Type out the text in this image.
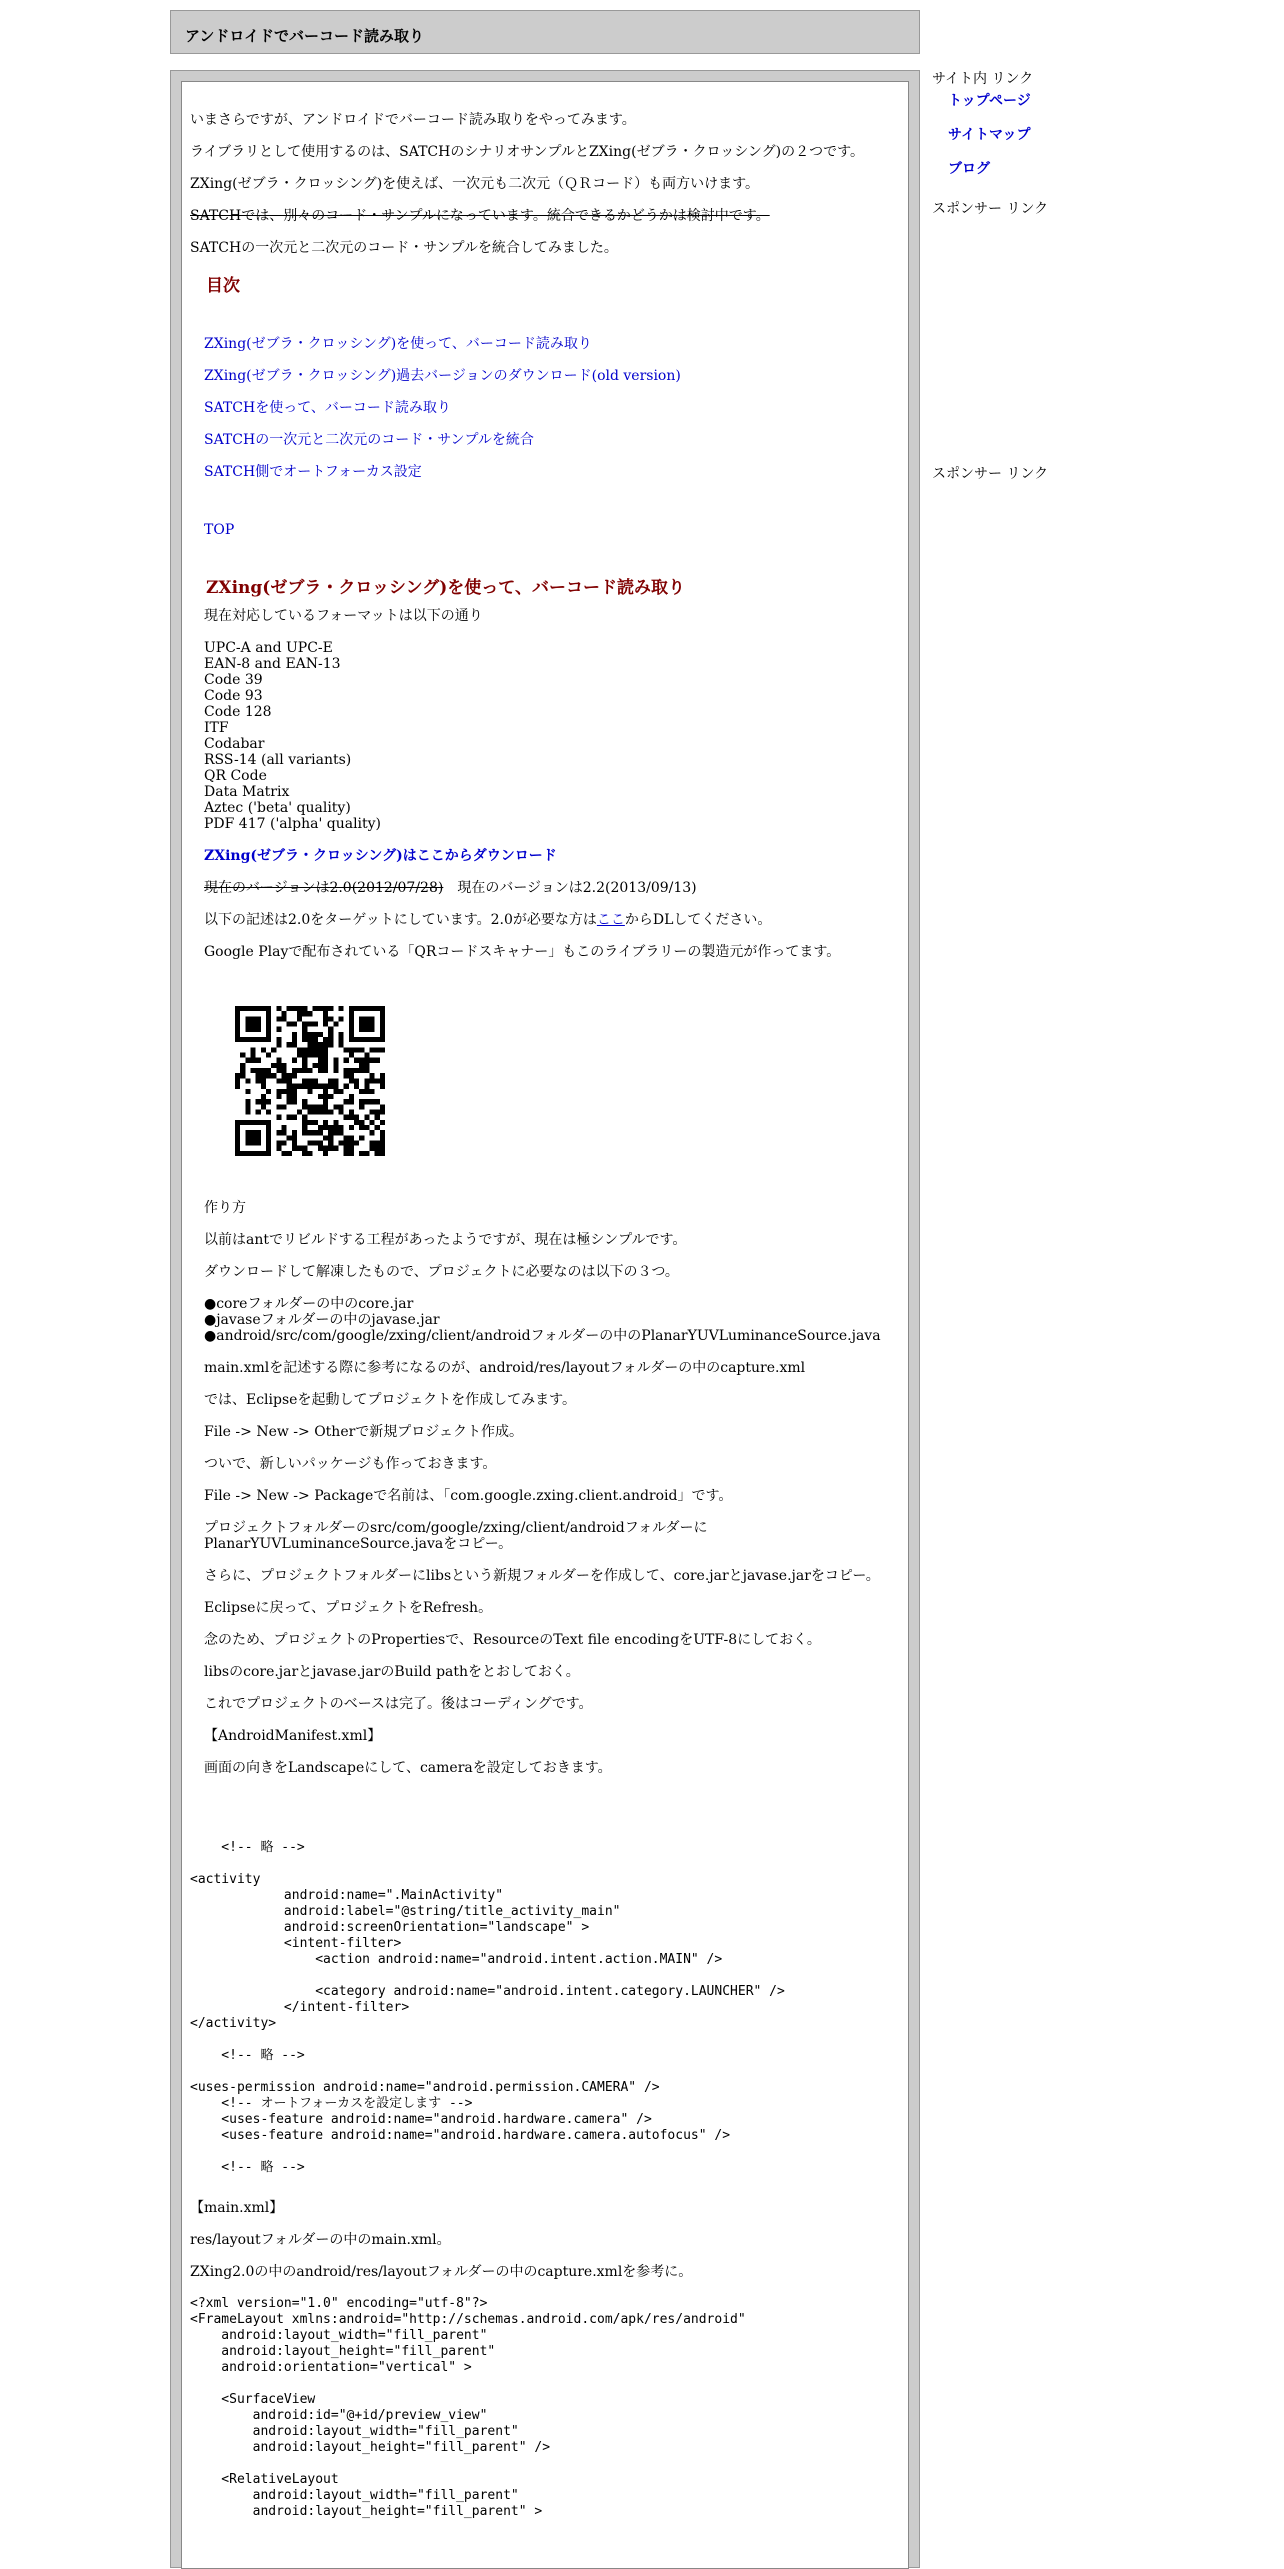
アンドロイドでバーコード読み取り

いまさらですが、アンドロイドでバーコード読み取りをやってみます。

ライブラリとして使用するのは、SATCHのシナリオサンプルとZXing(ゼブラ・クロッシング)の２つです。

ZXing(ゼブラ・クロッシング)を使えば、一次元も二次元（ＱＲコード）も両方いけます。

SATCHでは、別々のコード・サンプルになっています。統合できるかどうかは検討中です。

SATCHの一次元と二次元のコード・サンプルを統合してみました。

目次
ZXing(ゼブラ・クロッシング)を使って、バーコード読み取り
ZXing(ゼブラ・クロッシング)過去バージョンのダウンロード(old version)
SATCHを使って、バーコード読み取り
SATCHの一次元と二次元のコード・サンプルを統合
SATCH側でオートフォーカス設定
TOP
ZXing(ゼブラ・クロッシング)を使って、バーコード読み取り

現在対応しているフォーマットは以下の通り

UPC-A and UPC-E
EAN-8 and EAN-13
Code 39
Code 93
Code 128
ITF
Codabar
RSS-14 (all variants)
QR Code
Data Matrix
Aztec ('beta' quality)
PDF 417 ('alpha' quality)
ZXing(ゼブラ・クロッシング)はここからダウンロード

現在のバージョンは2.0(2012/07/28)　現在のバージョンは2.2(2013/09/13)

以下の記述は2.0をターゲットにしています。2.0が必要な方はここからDLしてください。

Google Playで配布されている「QRコードスキャナー」もこのライブラリーの製造元が作ってます。

作り方

以前はantでリビルドする工程があったようですが、現在は極シンプルです。

ダウンロードして解凍したもので、プロジェクトに必要なのは以下の３つ。

●coreフォルダーの中のcore.jar
●javaseフォルダーの中のjavase.jar
●android/src/com/google/zxing/client/androidフォルダーの中のPlanarYUVLuminanceSource.java

main.xmlを記述する際に参考になるのが、android/res/layoutフォルダーの中のcapture.xml

では、Eclipseを起動してプロジェクトを作成してみます。

File -> New -> Otherで新規プロジェクト作成。

ついで、新しいパッケージも作っておきます。

File -> New -> Packageで名前は、「com.google.zxing.client.android」です。

プロジェクトフォルダーのsrc/com/google/zxing/client/androidフォルダーにPlanarYUVLuminanceSource.javaをコピー。

さらに、プロジェクトフォルダーにlibsという新規フォルダーを作成して、core.jarとjavase.jarをコピー。

Eclipseに戻って、プロジェクトをRefresh。

念のため、プロジェクトのPropertiesで、ResourceのText file encodingをUTF-8にしておく。

libsのcore.jarとjavase.jarのBuild pathをとおしておく。

これでプロジェクトのベースは完了。後はコーディングです。

【AndroidManifest.xml】

画面の向きをLandscapeにして、cameraを設定しておきます。

<!-- 略 -->

<activity
android:name=".MainActivity"
android:label="@string/title_activity_main"
android:screenOrientation="landscape" >
<intent-filter>
<action android:name="android.intent.action.MAIN" />

<category android:name="android.intent.category.LAUNCHER" />
</intent-filter>
</activity>

<!-- 略 -->

<uses-permission android:name="android.permission.CAMERA" />
<!-- オートフォーカスを設定します -->
<uses-feature android:name="android.hardware.camera" />
<uses-feature android:name="android.hardware.camera.autofocus" />

<!-- 略 -->

【main.xml】

res/layoutフォルダーの中のmain.xml。

ZXing2.0の中のandroid/res/layoutフォルダーの中のcapture.xmlを参考に。

<?xml version="1.0" encoding="utf-8"?>
<FrameLayout xmlns:android="http://schemas.android.com/apk/res/android"
android:layout_width="fill_parent"
android:layout_height="fill_parent"
android:orientation="vertical" >

<SurfaceView
android:id="@+id/preview_view"
android:layout_width="fill_parent"
android:layout_height="fill_parent" />

<RelativeLayout
android:layout_width="fill_parent"
android:layout_height="fill_parent" >
サイト内 リンク
トップページ
サイトマップ
ブログ
スポンサー リンク
スポンサー リンク
